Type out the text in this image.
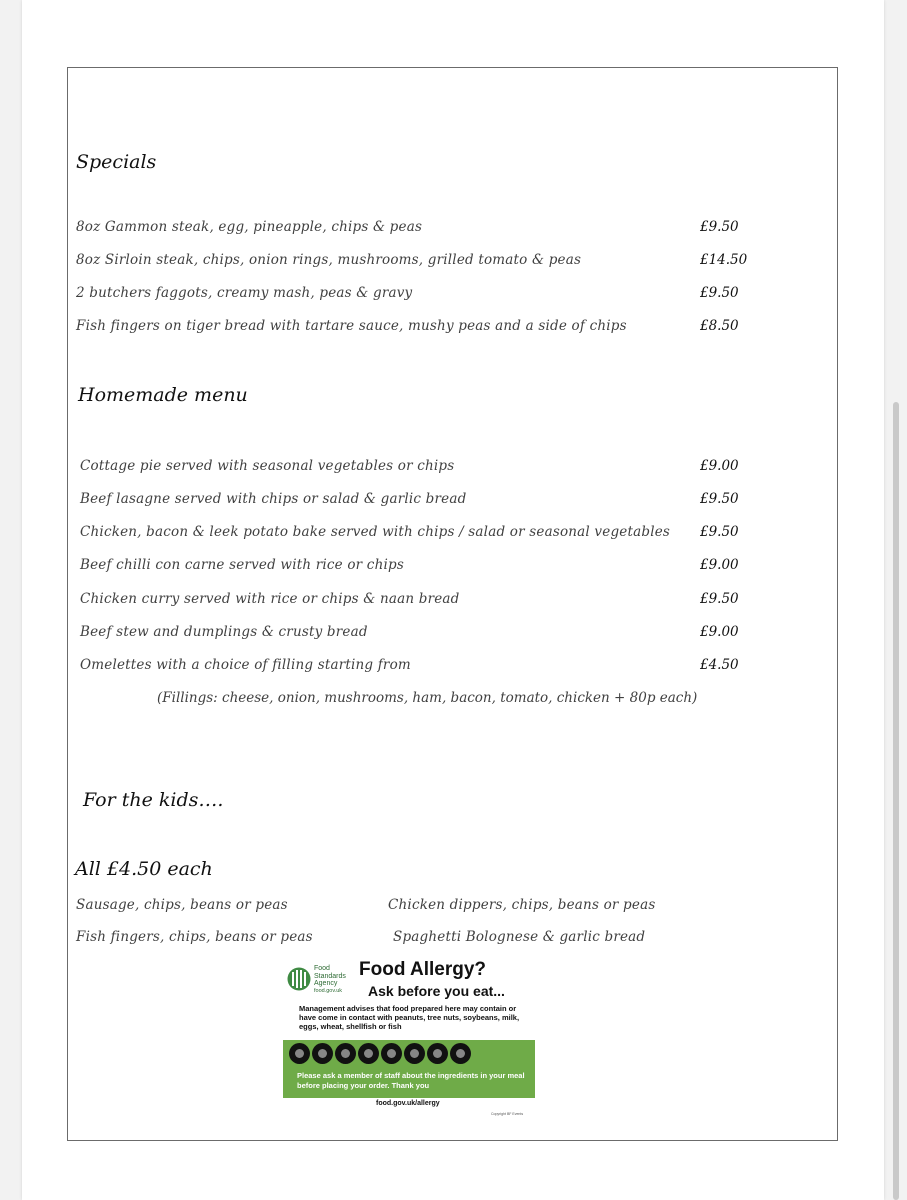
Specials
8oz Gammon steak, egg, pineapple, chips & peas	£9.50
8oz Sirloin steak, chips, onion rings, mushrooms, grilled tomato & peas	£14.50
2 butchers faggots, creamy mash, peas & gravy	£9.50
Fish fingers on tiger bread with tartare sauce, mushy peas and a side of chips	£8.50
Homemade menu
Cottage pie served with seasonal vegetables or chips	£9.00
Beef lasagne served with chips or salad & garlic bread	£9.50
Chicken, bacon & leek potato bake served with chips / salad or seasonal vegetables £9.50
Beef chilli con carne served with rice or chips	£9.00
Chicken curry served with rice or chips & naan bread	£9.50
Beef stew and dumplings & crusty bread	£9.00
Omelettes with a choice of filling starting from	£4.50
(Fillings: cheese, onion, mushrooms, ham, bacon, tomato, chicken + 80p each)
For the kids….
All £4.50 each
Sausage, chips, beans or peas	Chicken dippers, chips, beans or peas
Fish fingers, chips, beans or peas	Spaghetti Bolognese & garlic bread
Food
Standards
Agency
food.gov.uk
Food Allergy?
Ask before you eat...
Management advises that food prepared here may contain or have come in contact with peanuts, tree nuts, soybeans, milk, eggs, wheat, shellfish or fish
Please ask a member of staff about the ingredients in your meal before placing your order. Thank you
food.gov.uk/allergy
Copyright BF Events
